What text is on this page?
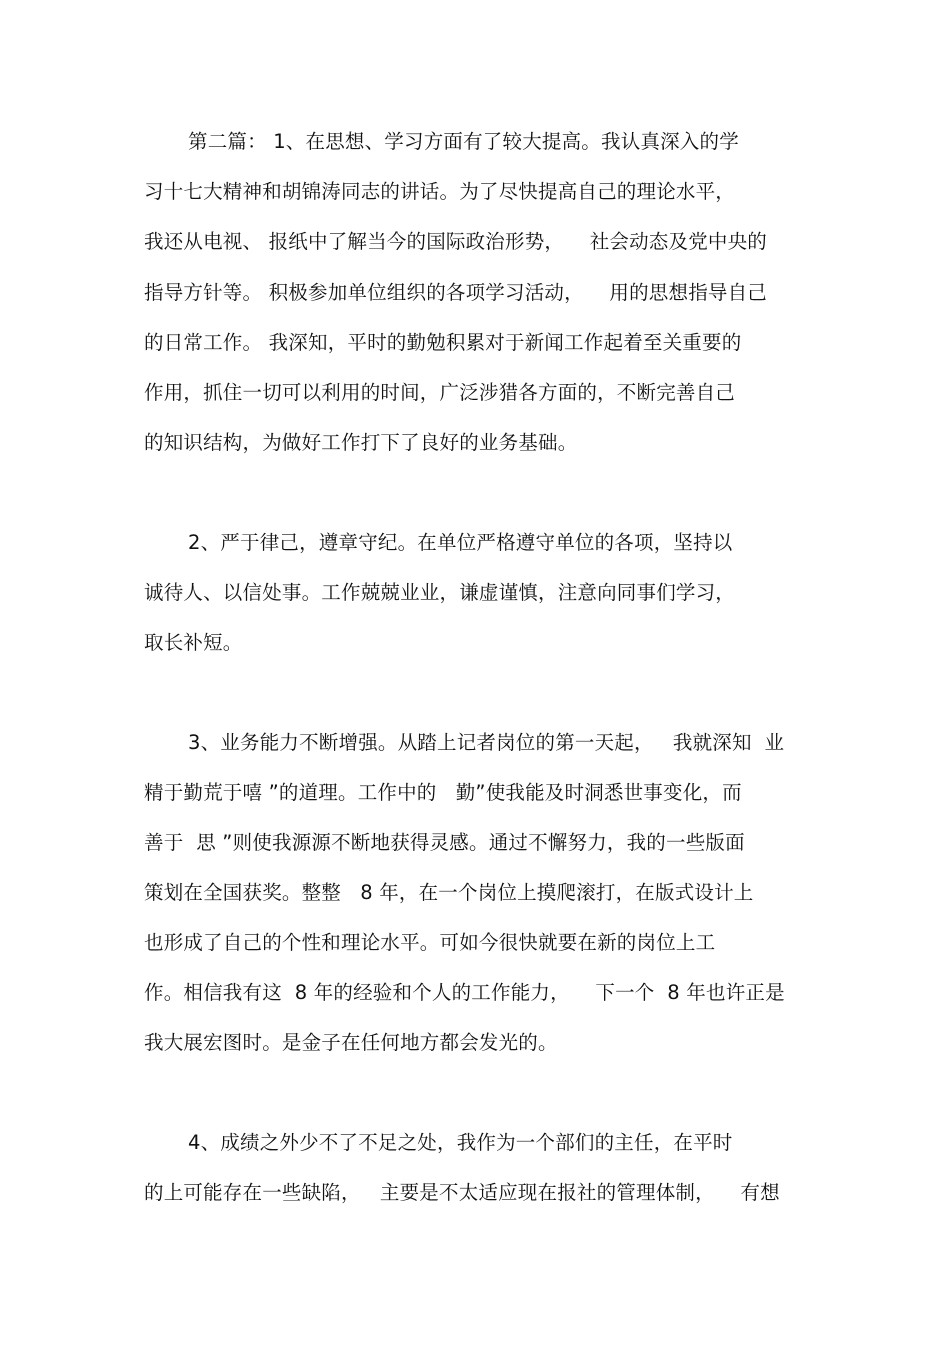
第二篇： 1、在思想、学习方面有了较大提高。我认真深入的学
习十七大精神和胡锦涛同志的讲话。为了尽快提高自己的理论水平，
我还从电视、 报纸中了解当今的国际政治形势，    社会动态及党中央的
指导方针等。 积极参加单位组织的各项学习活动，    用的思想指导自己
的日常工作。 我深知，平时的勤勉积累对于新闻工作起着至关重要的
作用，抓住一切可以利用的时间，广泛涉猎各方面的，不断完善自己
的知识结构，为做好工作打下了良好的业务基础。
2、严于律己，遵章守纪。在单位严格遵守单位的各项，坚持以
诚待人、以信处事。工作兢兢业业，谦虚谨慎，注意向同事们学习，
取长补短。
3、业务能力不断增强。从踏上记者岗位的第一天起，   我就深知  业
精于勤荒于嘻 ”的道理。工作中的   勤”使我能及时洞悉世事变化，而
善于  思 ”则使我源源不断地获得灵感。通过不懈努力，我的一些版面
策划在全国获奖。整整   8 年，在一个岗位上摸爬滚打，在版式设计上
也形成了自己的个性和理论水平。可如今很快就要在新的岗位上工
作。相信我有这  8 年的经验和个人的工作能力，    下一个  8 年也许正是
我大展宏图时。是金子在任何地方都会发光的。
4、成绩之外少不了不足之处，我作为一个部们的主任，在平时
的上可能存在一些缺陷，   主要是不太适应现在报社的管理体制，    有想
